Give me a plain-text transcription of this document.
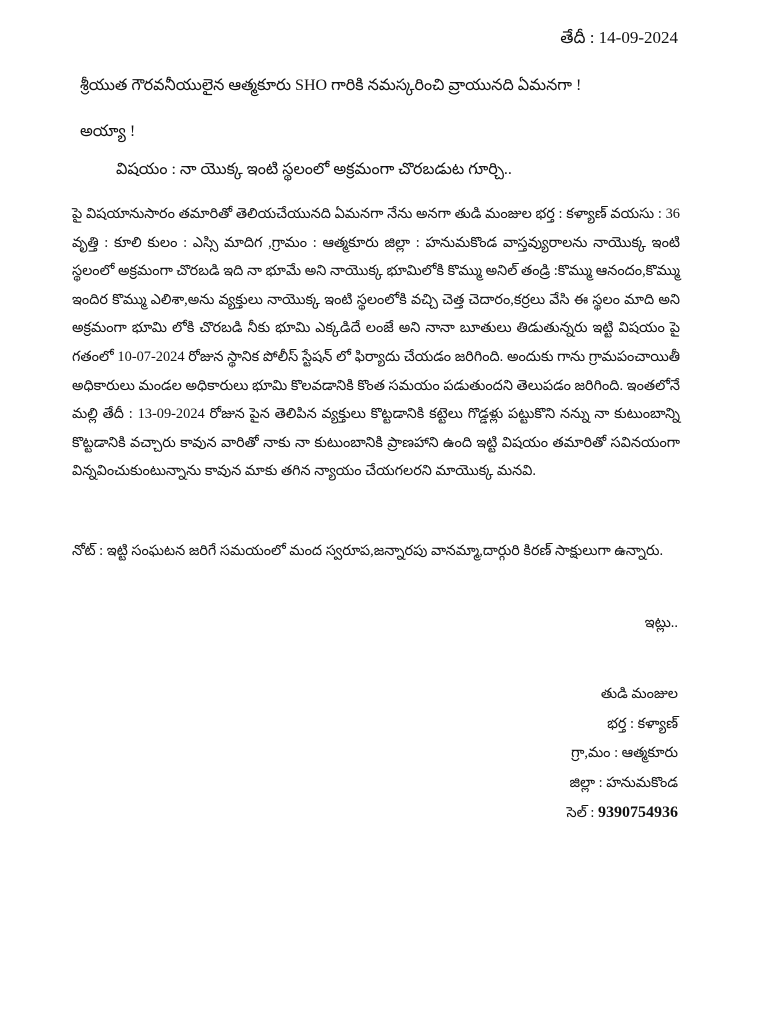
తేదీ : 14-09-2024
శ్రీయుత గౌరవనీయులైన ఆత్మకూరు SHO గారికి నమస్కరించి వ్రాయునది ఏమనగా !
అయ్యా !
విషయం : నా యొక్క ఇంటి స్థలంలో అక్రమంగా చొరబడుట గూర్చి..
పై విషయానుసారం తమారితో తెలియచేయునది ఏమనగా నేను అనగా తుడి మంజుల భర్త : కళ్యాణ్ వయసు : 36 వృత్తి : కూలి కులం : ఎస్సి మాదిగ ,గ్రామం : ఆత్మకూరు జిల్లా : హనుమకొండ వాస్తవ్యురాలను నాయొక్క ఇంటి స్థలంలో అక్రమంగా చొరబడి ఇది నా భూమే అని నాయొక్క భూమిలోకి కొమ్ము అనిల్ తండ్రి :కొమ్ము ఆనందం,కొమ్ము ఇందిర కొమ్ము ఎలిశా,అను వ్యక్తులు నాయొక్క ఇంటి స్థలంలోకి వచ్చి చెత్త చెదారం,కర్రలు వేసి ఈ స్థలం మాది అని అక్రమంగా భూమి లోకి చొరబడి నీకు భూమి ఎక్కడిదే లంజే అని నానా బూతులు తిడుతున్నరు ఇట్టి విషయం పై గతంలో 10-07-2024 రోజున స్థానిక పోలీస్ స్టేషన్ లో ఫిర్యాదు చేయడం జరిగింది. అందుకు గాను గ్రామపంచాయితీ అధికారులు మండల అధికారులు భూమి కొలవడానికి కొంత సమయం పడుతుందని తెలుపడం జరిగింది. ఇంతలోనే మల్లి తేదీ : 13-09-2024 రోజున పైన తెలిపిన వ్యక్తులు కొట్టడానికి కట్టెలు గొడ్డళ్లు పట్టుకొని నన్ను నా కుటుంబాన్ని కొట్టడానికి వచ్చారు కావున వారితో నాకు నా కుటుంబానికి ప్రాణహాని ఉంది ఇట్టి విషయం తమారితో సవినయంగా విన్నవించుకుంటున్నాను కావున మాకు తగిన న్యాయం చేయగలరని మాయొక్క మనవి.
నోట్ : ఇట్టి సంఘటన జరిగే సమయంలో మంద స్వరూప,జన్నారపు వానమ్మా,దార్గురి కిరణ్ సాక్షులుగా ఉన్నారు.
ఇట్లు..
తుడి మంజుల
భర్త : కళ్యాణ్
గ్రా,మం : ఆత్మకూరు
జిల్లా : హనుమకొండ
సెల్ : 9390754936
